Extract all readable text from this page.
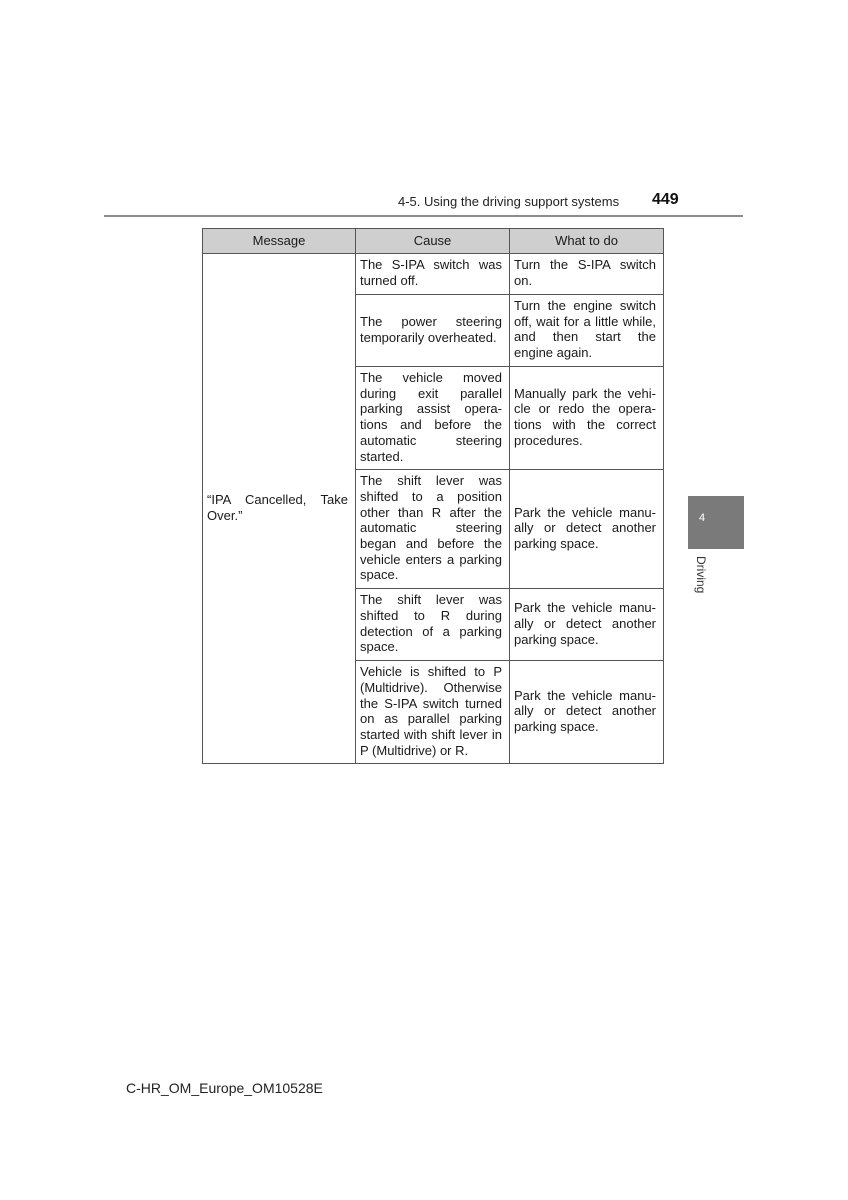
4-5. Using the driving support systems 449
4
Driving
Message	Cause	What to do
“IPA Cancelled, Take Over.”	The S-IPA switch was turned off.	Turn the S-IPA switch on.
	The power steering temporarily overheated.	Turn the engine switch off, wait for a little while, and then start the engine again.
	The vehicle moved during exit parallel parking assist operations and before the automatic steering started.	Manually park the vehicle or redo the operations with the correct procedures.
	The shift lever was shifted to a position other than R after the automatic steering began and before the vehicle enters a parking space.	Park the vehicle manually or detect another parking space.
	The shift lever was shifted to R during detection of a parking space.	Park the vehicle manually or detect another parking space.
	Vehicle is shifted to P (Multidrive). Otherwise the S-IPA switch turned on as parallel parking started with shift lever in P (Multidrive) or R.	Park the vehicle manually or detect another parking space.
C-HR_OM_Europe_OM10528E
